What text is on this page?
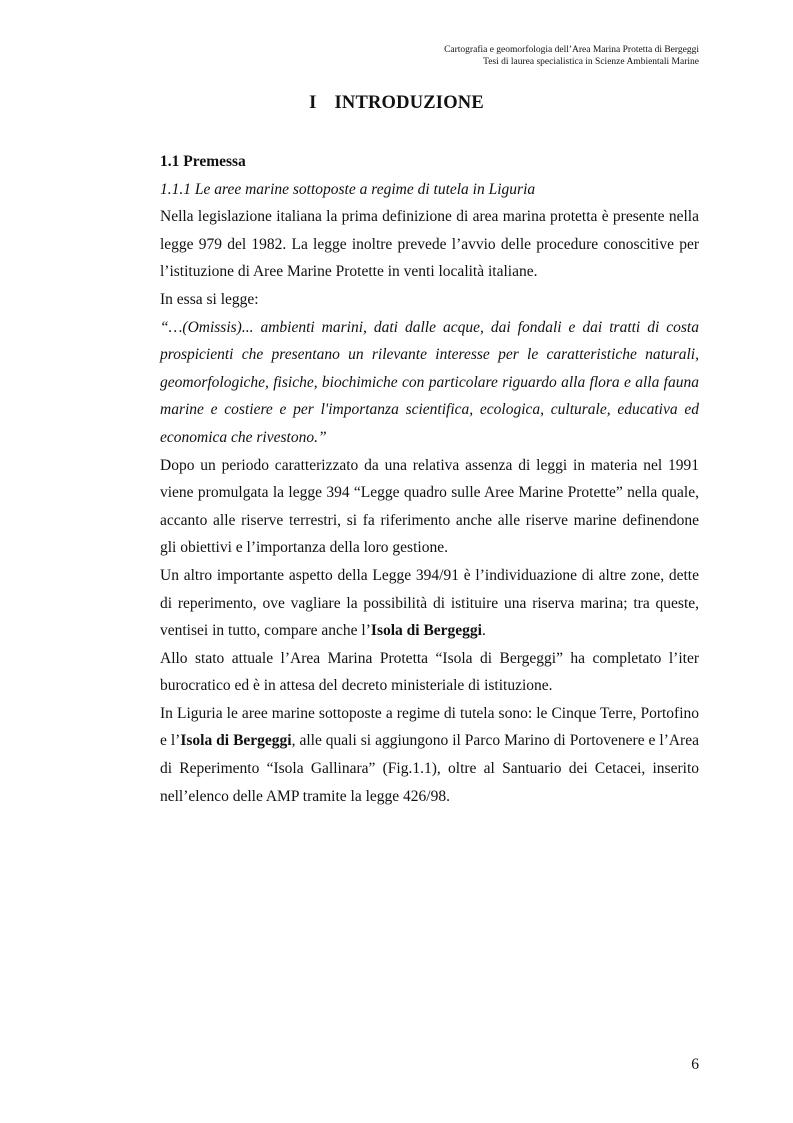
Cartografia e geomorfologia dell’Area Marina Protetta di Bergeggi
Tesi di laurea specialistica in Scienze Ambientali Marine
I INTRODUZIONE

1.1 Premessa

1.1.1 Le aree marine sottoposte a regime di tutela in Liguria

Nella legislazione italiana la prima definizione di area marina protetta è presente nella legge 979 del 1982. La legge inoltre prevede l’avvio delle procedure conoscitive per l’istituzione di Aree Marine Protette in venti località italiane.

In essa si legge:

“…(Omissis)... ambienti marini, dati dalle acque, dai fondali e dai tratti di costa prospicienti che presentano un rilevante interesse per le caratteristiche naturali, geomorfologiche, fisiche, biochimiche con particolare riguardo alla flora e alla fauna marine e costiere e per l'importanza scientifica, ecologica, culturale, educativa ed economica che rivestono.”

Dopo un periodo caratterizzato da una relativa assenza di leggi in materia nel 1991 viene promulgata la legge 394 “Legge quadro sulle Aree Marine Protette” nella quale, accanto alle riserve terrestri, si fa riferimento anche alle riserve marine definendone gli obiettivi e l’importanza della loro gestione.

Un altro importante aspetto della Legge 394/91 è l’individuazione di altre zone, dette di reperimento, ove vagliare la possibilità di istituire una riserva marina; tra queste, ventisei in tutto, compare anche l’Isola di Bergeggi.

Allo stato attuale l’Area Marina Protetta “Isola di Bergeggi” ha completato l’iter burocratico ed è in attesa del decreto ministeriale di istituzione.

In Liguria le aree marine sottoposte a regime di tutela sono: le Cinque Terre, Portofino e l’Isola di Bergeggi, alle quali si aggiungono il Parco Marino di Portovenere e l’Area di Reperimento “Isola Gallinara” (Fig.1.1), oltre al Santuario dei Cetacei, inserito nell’elenco delle AMP tramite la legge 426/98.

6
